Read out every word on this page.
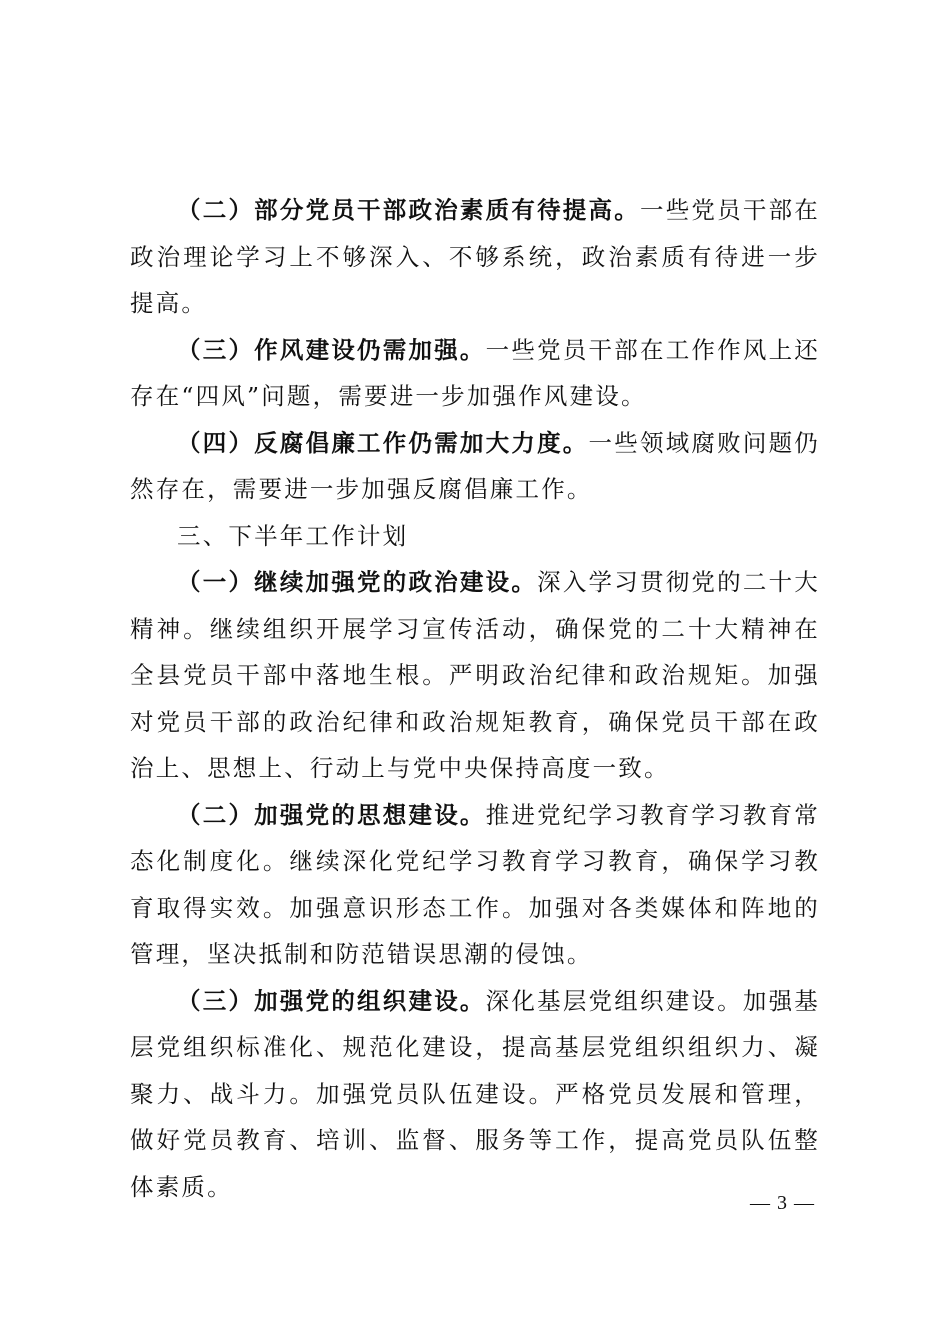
（二）部分党员干部政治素质有待提高。一些党员干部在政治理论学习上不够深入、不够系统，政治素质有待进一步提高。

（三）作风建设仍需加强。一些党员干部在工作作风上还存在“四风”问题，需要进一步加强作风建设。

（四）反腐倡廉工作仍需加大力度。一些领域腐败问题仍然存在，需要进一步加强反腐倡廉工作。

三、下半年工作计划

（一）继续加强党的政治建设。深入学习贯彻党的二十大精神。继续组织开展学习宣传活动，确保党的二十大精神在全县党员干部中落地生根。严明政治纪律和政治规矩。加强对党员干部的政治纪律和政治规矩教育，确保党员干部在政治上、思想上、行动上与党中央保持高度一致。

（二）加强党的思想建设。推进党纪学习教育学习教育常态化制度化。继续深化党纪学习教育学习教育，确保学习教育取得实效。加强意识形态工作。加强对各类媒体和阵地的管理，坚决抵制和防范错误思潮的侵蚀。

（三）加强党的组织建设。深化基层党组织建设。加强基层党组织标准化、规范化建设，提高基层党组织组织力、凝聚力、战斗力。加强党员队伍建设。严格党员发展和管理，做好党员教育、培训、监督、服务等工作，提高党员队伍整体素质。

— 3 —
